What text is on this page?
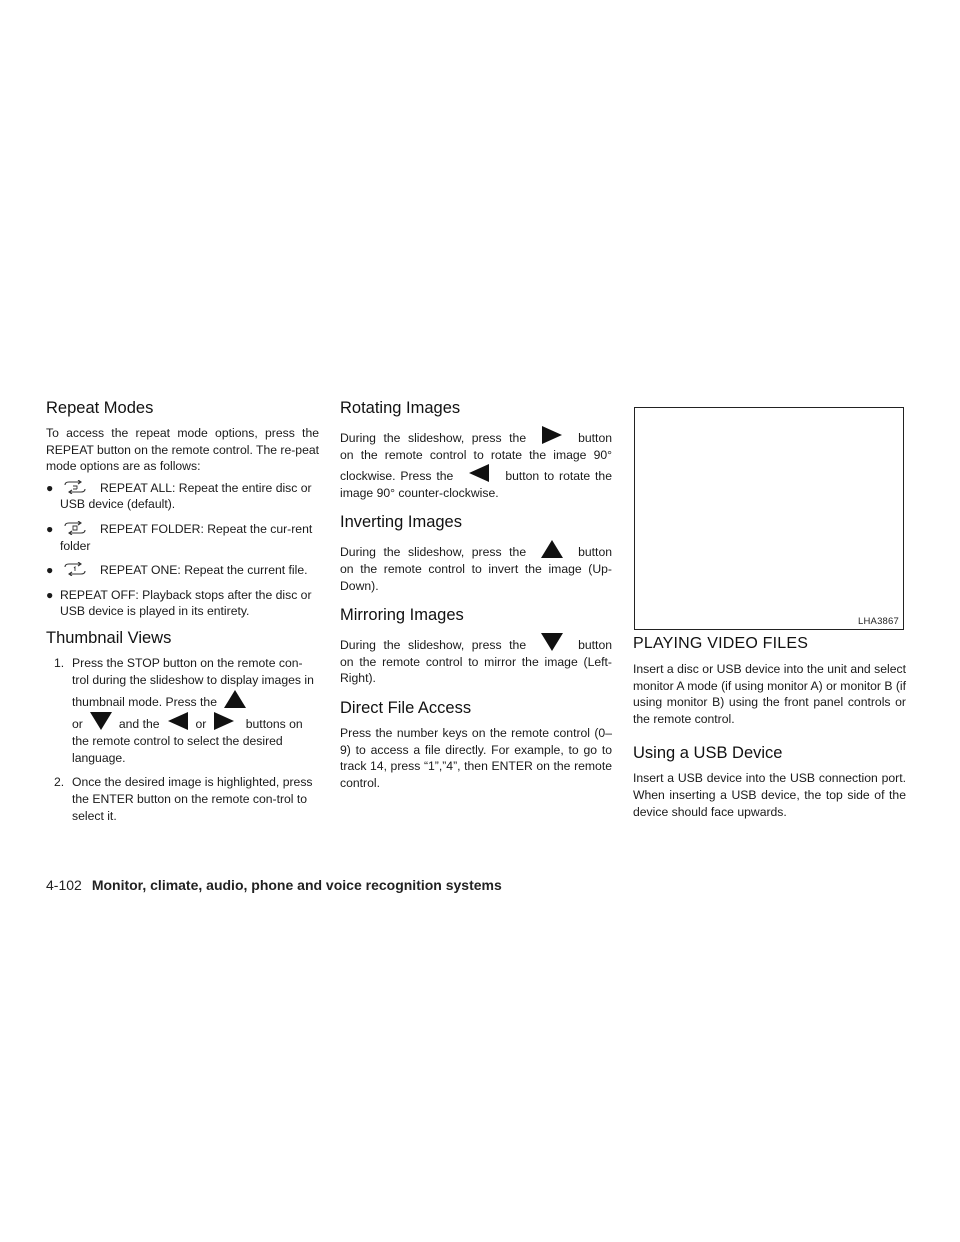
Repeat Modes

To access the repeat mode options, press the REPEAT button on the remote control. The re-peat mode options are as follows:

●	REPEAT ALL: Repeat the entire disc or USB device (default).
●	REPEAT FOLDER: Repeat the cur-rent folder
●	REPEAT ONE: Repeat the current file.
● REPEAT OFF: Playback stops after the disc or USB device is played in its entirety.
Thumbnail Views
1. Press the STOP button on the remote con-trol during the slideshow to display images in thumbnail mode. Press the
or	and the	or	buttons on the remote control to select the desired language.
2. Once the desired image is highlighted, press the ENTER button on the remote con-trol to select it.
Rotating Images

During the slideshow, press the	button on the remote control to rotate the image 90° clockwise. Press the	button to rotate the image 90° counter-clockwise.

Inverting Images

During the slideshow, press the	button on the remote control to invert the image (Up-Down).

Mirroring Images

During the slideshow, press the	button on the remote control to mirror the image (Left-Right).

Direct File Access

Press the number keys on the remote control (0–9) to access a file directly. For example, to go to track 14, press “1”,”4”, then ENTER on the remote control.

LHA3867
PLAYING VIDEO FILES

Insert a disc or USB device into the unit and select monitor A mode (if using monitor A) or monitor B (if using monitor B) using the front panel controls or the remote control.

Using a USB Device

Insert a USB device into the USB connection port. When inserting a USB device, the top side of the device should face upwards.

4-102 Monitor, climate, audio, phone and voice recognition systems
